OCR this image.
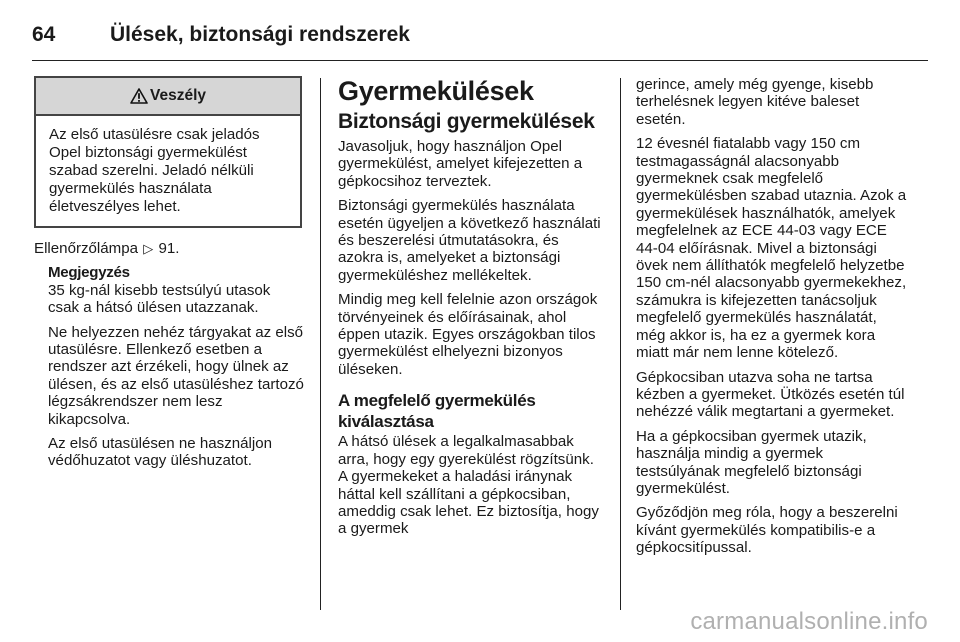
64	Ülések, biztonsági rendszerek
Veszély
Az első utasülésre csak jeladós Opel biztonsági gyermekülést szabad szerelni. Jeladó nélküli gyermekülés használata életveszélyes lehet.

Ellenőrzőlámpa ▷ 91.

Megjegyzés

35 kg-nál kisebb testsúlyú utasok csak a hátsó ülésen utazzanak.

Ne helyezzen nehéz tárgyakat az első utasülésre. Ellenkező esetben a rendszer azt érzékeli, hogy ülnek az ülésen, és az első utasüléshez tartozó légzsákrendszer nem lesz kikapcsolva.

Az első utasülésen ne használjon védőhuzatot vagy üléshuzatot.

Gyermekülések
Biztonsági gyermekülések

Javasoljuk, hogy használjon Opel gyermekülést, amelyet kifejezetten a gépkocsihoz terveztek.

Biztonsági gyermekülés használata esetén ügyeljen a következő használati és beszerelési útmutatásokra, és azokra is, amelyeket a biztonsági gyermeküléshez mellékeltek.

Mindig meg kell felelnie azon országok törvényeinek és előírásainak, ahol éppen utazik. Egyes országokban tilos gyermekülést elhelyezni bizonyos üléseken.

A megfelelő gyermekülés kiválasztása

A hátsó ülések a legalkalmasabbak arra, hogy egy gyerekülést rögzítsünk. A gyermekeket a haladási iránynak háttal kell szállítani a gépkocsiban, ameddig csak lehet. Ez biztosítja, hogy a gyermek

gerince, amely még gyenge, kisebb terhelésnek legyen kitéve baleset esetén.

12 évesnél fiatalabb vagy 150 cm testmagasságnál alacsonyabb gyermeknek csak megfelelő gyermekülésben szabad utaznia. Azok a gyermekülések használhatók, amelyek megfelelnek az ECE 44-03 vagy ECE 44-04 előírásnak. Mivel a biztonsági övek nem állíthatók megfelelő helyzetbe 150 cm-nél alacsonyabb gyermekekhez, számukra is kifejezetten tanácsoljuk megfelelő gyermekülés használatát, még akkor is, ha ez a gyermek kora miatt már nem lenne kötelező.

Gépkocsiban utazva soha ne tartsa kézben a gyermeket. Ütközés esetén túl nehézzé válik megtartani a gyermeket.

Ha a gépkocsiban gyermek utazik, használja mindig a gyermek testsúlyának megfelelő biztonsági gyermekülést.

Győződjön meg róla, hogy a beszerelni kívánt gyermekülés kompatibilis-e a gépkocsitípussal.

carmanualsonline.info
